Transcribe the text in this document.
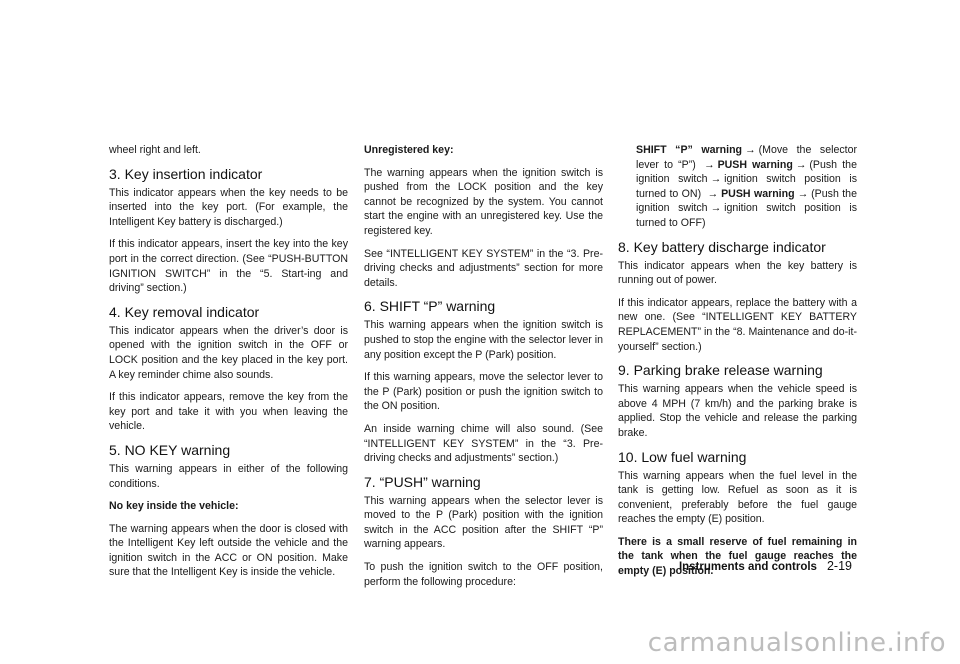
wheel right and left.

3. Key insertion indicator

This indicator appears when the key needs to be inserted into the key port. (For example, the Intelligent Key battery is discharged.)

If this indicator appears, insert the key into the key port in the correct direction. (See “PUSH-BUTTON IGNITION SWITCH” in the “5. Start-ing and driving” section.)

4. Key removal indicator

This indicator appears when the driver’s door is opened with the ignition switch in the OFF or LOCK position and the key placed in the key port. A key reminder chime also sounds.

If this indicator appears, remove the key from the key port and take it with you when leaving the vehicle.

5. NO KEY warning

This warning appears in either of the following conditions.

No key inside the vehicle:

The warning appears when the door is closed with the Intelligent Key left outside the vehicle and the ignition switch in the ACC or ON position. Make sure that the Intelligent Key is inside the vehicle.

Unregistered key:

The warning appears when the ignition switch is pushed from the LOCK position and the key cannot be recognized by the system. You cannot start the engine with an unregistered key. Use the registered key.

See “INTELLIGENT KEY SYSTEM” in the “3. Pre-driving checks and adjustments” section for more details.

6. SHIFT “P” warning

This warning appears when the ignition switch is pushed to stop the engine with the selector lever in any position except the P (Park) position.

If this warning appears, move the selector lever to the P (Park) position or push the ignition switch to the ON position.

An inside warning chime will also sound. (See “INTELLIGENT KEY SYSTEM” in the “3. Pre-driving checks and adjustments” section.)

7. “PUSH” warning

This warning appears when the selector lever is moved to the P (Park) position with the ignition switch in the ACC position after the SHIFT “P” warning appears.

To push the ignition switch to the OFF position, perform the following procedure:

SHIFT “P” warning → (Move the selector lever to “P”) → PUSH warning → (Push the ignition switch → ignition switch position is turned to ON) → PUSH warning → (Push the ignition switch → ignition switch position is turned to OFF)

8. Key battery discharge indicator

This indicator appears when the key battery is running out of power.

If this indicator appears, replace the battery with a new one. (See “INTELLIGENT KEY BATTERY REPLACEMENT” in the “8. Maintenance and do-it-yourself” section.)

9. Parking brake release warning

This warning appears when the vehicle speed is above 4 MPH (7 km/h) and the parking brake is applied. Stop the vehicle and release the parking brake.

10. Low fuel warning

This warning appears when the fuel level in the tank is getting low. Refuel as soon as it is convenient, preferably before the fuel gauge reaches the empty (E) position.

There is a small reserve of fuel remaining in the tank when the fuel gauge reaches the empty (E) position.

Instruments and controls 2-19
carmanualsonline.info
